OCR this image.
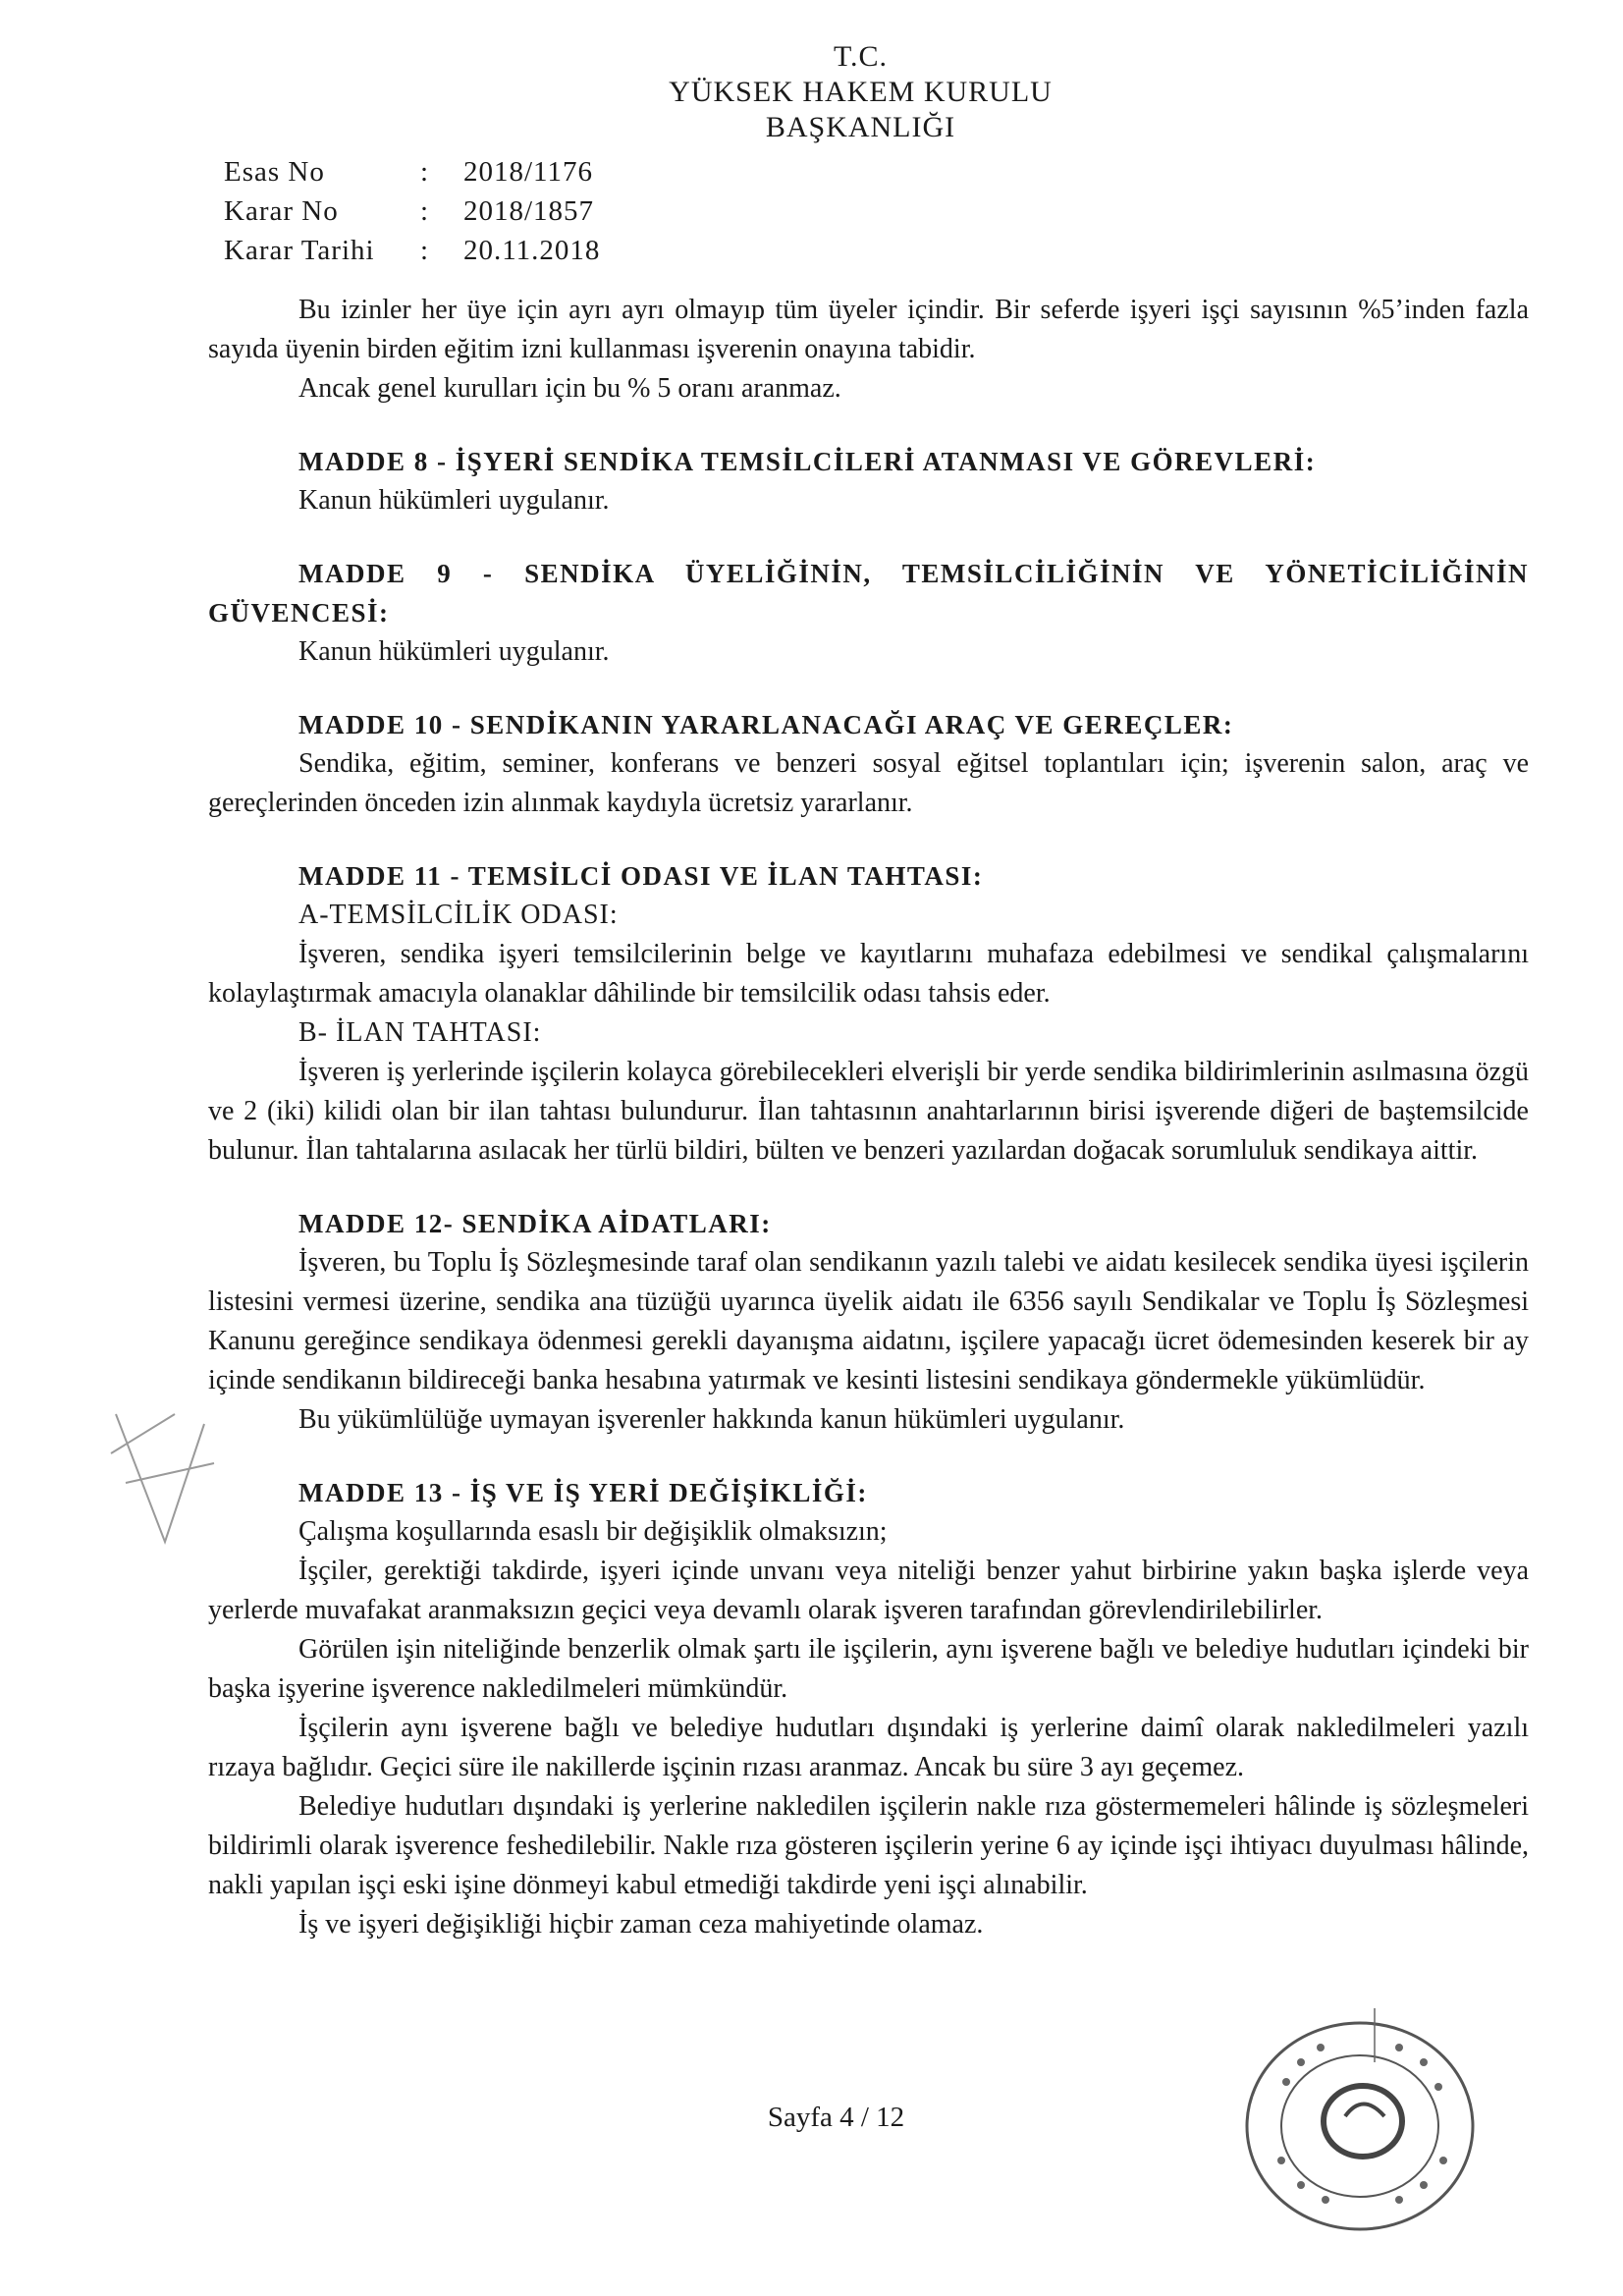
T.C.
YÜKSEK HAKEM KURULU
BAŞKANLIĞI
Esas No	:	2018/1176
Karar No	:	2018/1857
Karar Tarihi	:	20.11.2018

Bu izinler her üye için ayrı ayrı olmayıp tüm üyeler içindir. Bir seferde işyeri işçi sayısının %5’inden fazla sayıda üyenin birden eğitim izni kullanması işverenin onayına tabidir.

Ancak genel kurulları için bu % 5 oranı aranmaz.

MADDE 8 - İŞYERİ SENDİKA TEMSİLCİLERİ ATANMASI VE GÖREVLERİ:

Kanun hükümleri uygulanır.

MADDE 9 - SENDİKA ÜYELİĞİNİN, TEMSİLCİLİĞİNİN VE YÖNETİCİLİĞİNİN GÜVENCESİ:

Kanun hükümleri uygulanır.

MADDE 10 - SENDİKANIN YARARLANACAĞI ARAÇ VE GEREÇLER:

Sendika, eğitim, seminer, konferans ve benzeri sosyal eğitsel toplantıları için; işverenin salon, araç ve gereçlerinden önceden izin alınmak kaydıyla ücretsiz yararlanır.

MADDE 11 - TEMSİLCİ ODASI VE İLAN TAHTASI:

A-TEMSİLCİLİK ODASI:

İşveren, sendika işyeri temsilcilerinin belge ve kayıtlarını muhafaza edebilmesi ve sendikal çalışmalarını kolaylaştırmak amacıyla olanaklar dâhilinde bir temsilcilik odası tahsis eder.

B- İLAN TAHTASI:

İşveren iş yerlerinde işçilerin kolayca görebilecekleri elverişli bir yerde sendika bildirimlerinin asılmasına özgü ve 2 (iki) kilidi olan bir ilan tahtası bulundurur. İlan tahtasının anahtarlarının birisi işverende diğeri de baştemsilcide bulunur. İlan tahtalarına asılacak her türlü bildiri, bülten ve benzeri yazılardan doğacak sorumluluk sendikaya aittir.

MADDE 12- SENDİKA AİDATLARI:

İşveren, bu Toplu İş Sözleşmesinde taraf olan sendikanın yazılı talebi ve aidatı kesilecek sendika üyesi işçilerin listesini vermesi üzerine, sendika ana tüzüğü uyarınca üyelik aidatı ile 6356 sayılı Sendikalar ve Toplu İş Sözleşmesi Kanunu gereğince sendikaya ödenmesi gerekli dayanışma aidatını, işçilere yapacağı ücret ödemesinden keserek bir ay içinde sendikanın bildireceği banka hesabına yatırmak ve kesinti listesini sendikaya göndermekle yükümlüdür.

Bu yükümlülüğe uymayan işverenler hakkında kanun hükümleri uygulanır.

MADDE 13 - İŞ VE İŞ YERİ DEĞİŞİKLİĞİ:

Çalışma koşullarında esaslı bir değişiklik olmaksızın;

İşçiler, gerektiği takdirde, işyeri içinde unvanı veya niteliği benzer yahut birbirine yakın başka işlerde veya yerlerde muvafakat aranmaksızın geçici veya devamlı olarak işveren tarafından görevlendirilebilirler.

Görülen işin niteliğinde benzerlik olmak şartı ile işçilerin, aynı işverene bağlı ve belediye hudutları içindeki bir başka işyerine işverence nakledilmeleri mümkündür.

İşçilerin aynı işverene bağlı ve belediye hudutları dışındaki iş yerlerine daimî olarak nakledilmeleri yazılı rızaya bağlıdır. Geçici süre ile nakillerde işçinin rızası aranmaz. Ancak bu süre 3 ayı geçemez.

Belediye hudutları dışındaki iş yerlerine nakledilen işçilerin nakle rıza göstermemeleri hâlinde iş sözleşmeleri bildirimli olarak işverence feshedilebilir. Nakle rıza gösteren işçilerin yerine 6 ay içinde işçi ihtiyacı duyulması hâlinde, nakli yapılan işçi eski işine dönmeyi kabul etmediği takdirde yeni işçi alınabilir.

İş ve işyeri değişikliği hiçbir zaman ceza mahiyetinde olamaz.

Sayfa 4 / 12
